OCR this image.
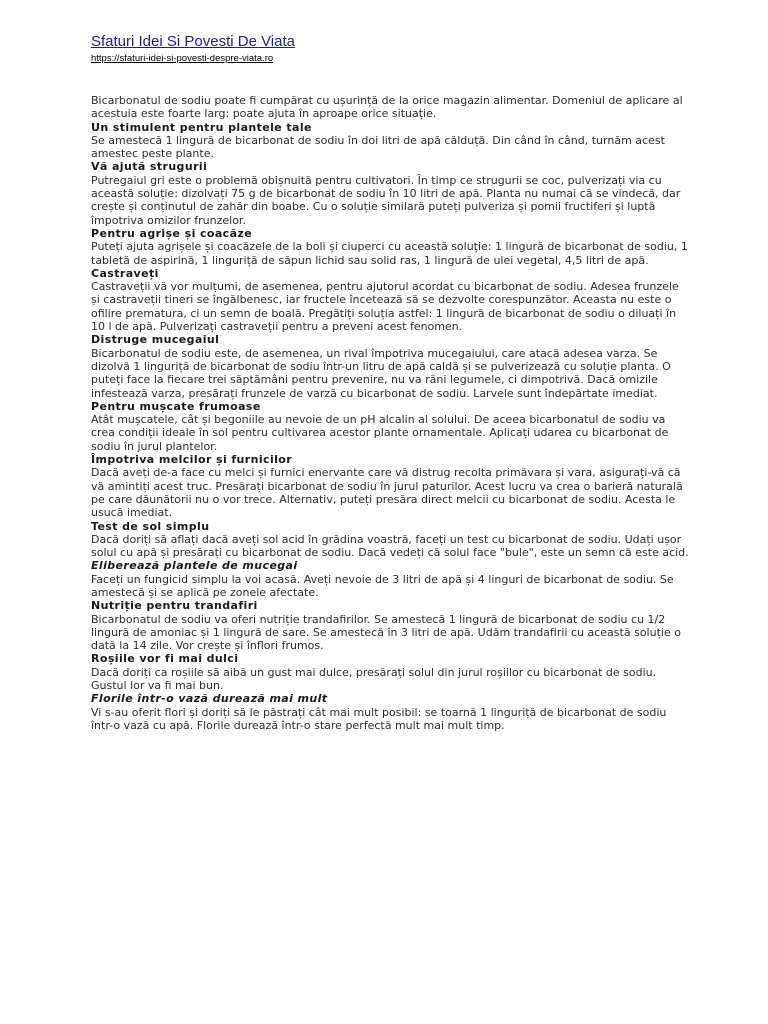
Sfaturi Idei Si Povesti De Viata
https://sfaturi-idei-si-povesti-despre-viata.ro

Bicarbonatul de sodiu poate fi cumpărat cu ușurință de la orice magazin alimentar. Domeniul de aplicare al acestuia este foarte larg: poate ajuta în aproape orice situație.

Un stimulent pentru plantele tale

Se amestecă 1 lingură de bicarbonat de sodiu în doi litri de apă călduță. Din când în când, turnăm acest amestec peste plante.

Vă ajută strugurii

Putregaiul gri este o problemă obișnuită pentru cultivatori. În timp ce strugurii se coc, pulverizați via cu această soluție: dizolvați 75 g de bicarbonat de sodiu în 10 litri de apă. Planta nu numai că se vindecă, dar crește și conținutul de zahăr din boabe. Cu o soluție similară puteți pulveriza și pomii fructiferi și luptă împotriva omizilor frunzelor.

Pentru agrișe și coacăze

Puteți ajuta agrișele și coacăzele de la boli și ciuperci cu această soluție: 1 lingură de bicarbonat de sodiu, 1 tabletă de aspirină, 1 linguriță de săpun lichid sau solid ras, 1 lingură de ulei vegetal, 4,5 litri de apă.

Castraveți

Castraveții vă vor mulțumi, de asemenea, pentru ajutorul acordat cu bicarbonat de sodiu. Adesea frunzele și castraveții tineri se îngălbenesc, iar fructele încetează să se dezvolte corespunzător. Aceasta nu este o ofilire prematura, ci un semn de boală. Pregătiți soluția astfel: 1 lingură de bicarbonat de sodiu o diluați în 10 l de apă. Pulverizați castraveții pentru a preveni acest fenomen.

Distruge mucegaiul

Bicarbonatul de sodiu este, de asemenea, un rival împotriva mucegaiului, care atacă adesea varza. Se dizolvă 1 linguriță de bicarbonat de sodiu într-un litru de apă caldă și se pulverizează cu soluție planta. O puteți face la fiecare trei săptămâni pentru prevenire, nu va răni legumele, ci dimpotrivă. Dacă omizile infestează varza, presărați frunzele de varză cu bicarbonat de sodiu. Larvele sunt îndepărtate imediat.

Pentru mușcate frumoase

Atât mușcatele, cât și begoniile au nevoie de un pH alcalin al solului. De aceea bicarbonatul de sodiu va crea condiții ideale în sol pentru cultivarea acestor plante ornamentale. Aplicați udarea cu bicarbonat de sodiu în jurul plantelor.

Împotriva melcilor și furnicilor

Dacă aveți de-a face cu melci și furnici enervante care vă distrug recolta primăvara și vara, asigurați-vă că vă amintiți acest truc. Presărați bicarbonat de sodiu în jurul paturilor. Acest lucru va crea o barieră naturală pe care dăunătorii nu o vor trece. Alternativ, puteți presăra direct melcii cu bicarbonat de sodiu. Acesta le usucă imediat.

Test de sol simplu

Dacă doriți să aflați dacă aveți sol acid în grădina voastră, faceți un test cu bicarbonat de sodiu. Udați ușor solul cu apă și presărați cu bicarbonat de sodiu. Dacă vedeți că solul face "bule", este un semn că este acid.

Eliberează plantele de mucegai

Faceți un fungicid simplu la voi acasă. Aveți nevoie de 3 litri de apă și 4 linguri de bicarbonat de sodiu. Se amestecă și se aplică pe zonele afectate.

Nutriție pentru trandafiri

Bicarbonatul de sodiu va oferi nutriție trandafirilor. Se amestecă 1 lingură de bicarbonat de sodiu cu 1/2 lingură de amoniac și 1 lingură de sare. Se amestecă în 3 litri de apă. Udăm trandafirii cu această soluție o dată la 14 zile. Vor crește și înflori frumos.

Roșiile vor fi mai dulci

Dacă doriți ca roșiile să aibă un gust mai dulce, presărați solul din jurul roșiilor cu bicarbonat de sodiu. Gustul lor va fi mai bun.

Florile într-o vază durează mai mult

Vi s-au oferit flori și doriți să le păstrați cât mai mult posibil: se toarnă 1 linguriță de bicarbonat de sodiu într-o vază cu apă. Florile durează într-o stare perfectă mult mai mult timp.
